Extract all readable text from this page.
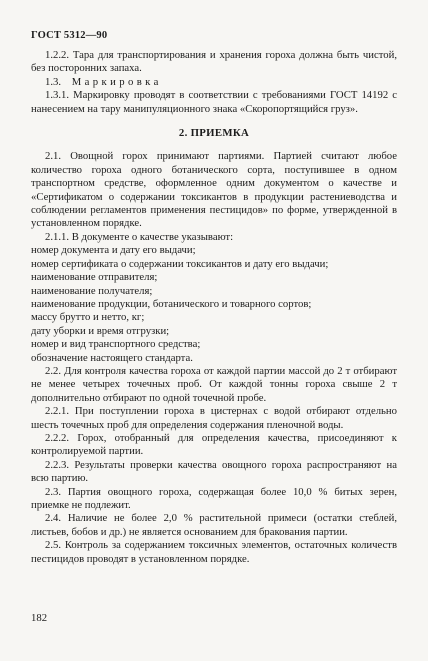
ГОСТ 5312—90

1.2.2. Тара для транспортирования и хранения гороха должна быть чистой, без посторонних запаха.

1.3. Маркировка

1.3.1. Маркировку проводят в соответствии с требованиями ГОСТ 14192 с нанесением на тару манипуляционного знака «Скоропортящийся груз».

2. ПРИЕМКА

2.1. Овощной горох принимают партиями. Партией считают любое количество гороха одного ботанического сорта, поступившее в одном транспортном средстве, оформленное одним документом о качестве и «Сертификатом о содержании токсикантов в продукции растениеводства и соблюдении регламентов применения пестицидов» по форме, утвержденной в установленном порядке.

2.1.1. В документе о качестве указывают:

номер документа и дату его выдачи;

номер сертификата о содержании токсикантов и дату его выдачи;

наименование отправителя;

наименование получателя;

наименование продукции, ботанического и товарного сортов;

массу брутто и нетто, кг;

дату уборки и время отгрузки;

номер и вид транспортного средства;

обозначение настоящего стандарта.

2.2. Для контроля качества гороха от каждой партии массой до 2 т отбирают не менее четырех точечных проб. От каждой тонны гороха свыше 2 т дополнительно отбирают по одной точечной пробе.

2.2.1. При поступлении гороха в цистернах с водой отбирают отдельно шесть точечных проб для определения содержания пленочной воды.

2.2.2. Горох, отобранный для определения качества, присоединяют к контролируемой партии.

2.2.3. Результаты проверки качества овощного гороха распространяют на всю партию.

2.3. Партия овощного гороха, содержащая более 10,0 % битых зерен, приемке не подлежит.

2.4. Наличие не более 2,0 % растительной примеси (остатки стеблей, листьев, бобов и др.) не является основанием для бракования партии.

2.5. Контроль за содержанием токсичных элементов, остаточных количеств пестицидов проводят в установленном порядке.

182
